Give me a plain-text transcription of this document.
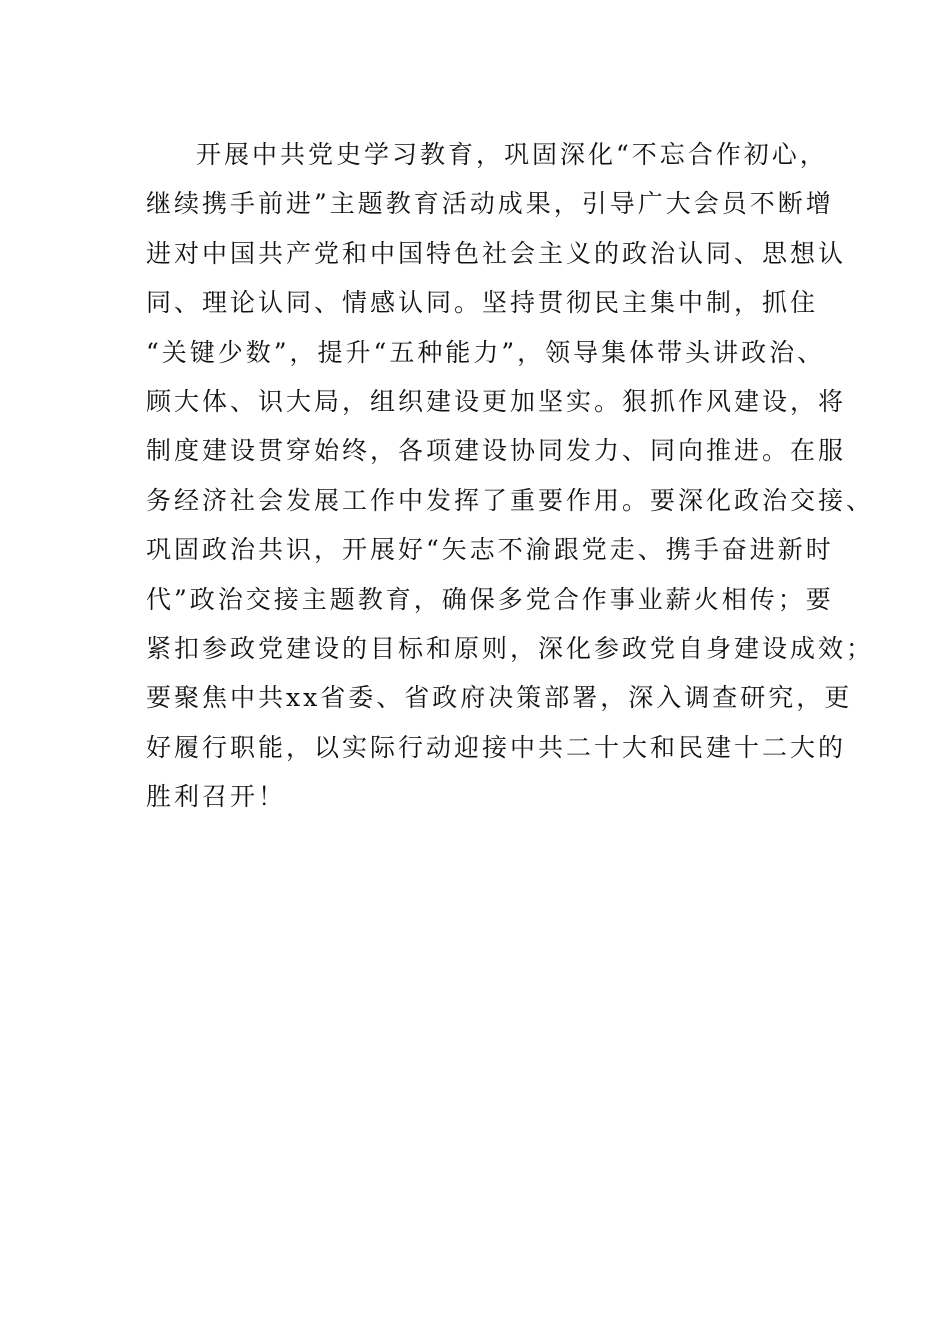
开展中共党史学习教育，巩固深化“不忘合作初心，
继续携手前进”主题教育活动成果，引导广大会员不断增
进对中国共产党和中国特色社会主义的政治认同、思想认
同、理论认同、情感认同。坚持贯彻民主集中制，抓住
“关键少数”，提升“五种能力”，领导集体带头讲政治、
顾大体、识大局，组织建设更加坚实。狠抓作风建设，将
制度建设贯穿始终，各项建设协同发力、同向推进。在服
务经济社会发展工作中发挥了重要作用。要深化政治交接、
巩固政治共识，开展好“矢志不渝跟党走、携手奋进新时
代”政治交接主题教育，确保多党合作事业薪火相传；要
紧扣参政党建设的目标和原则，深化参政党自身建设成效；
要聚焦中共xx省委、省政府决策部署，深入调查研究，更
好履行职能，以实际行动迎接中共二十大和民建十二大的
胜利召开！
